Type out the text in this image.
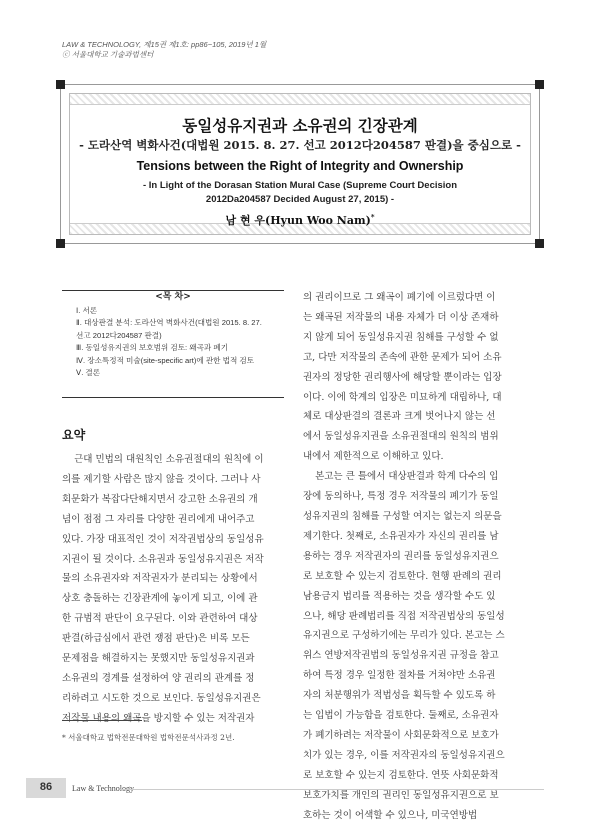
LAW & TECHNOLOGY, 제15권 제1호: pp86~105, 2019년 1월
ⓒ 서울대학교 기술과법센터
동일성유지권과 소유권의 긴장관계
- 도라산역 벽화사건(대법원 2015. 8. 27. 선고 2012다204587 판결)을 중심으로 -
Tensions between the Right of Integrity and Ownership
- In Light of the Dorasan Station Mural Case (Supreme Court Decision
2012Da204587 Decided August 27, 2015) -
남 현 우(Hyun Woo Nam)*
<목 차>
Ⅰ. 서론
Ⅱ. 대상판결 분석: 도라산역 벽화사건(대법원 2015. 8. 27.
선고 2012다204587 판결)
Ⅲ. 동일성유지권의 보호범위 검토: 왜곡과 폐기
Ⅳ. 장소특정적 미술(site-specific art)에 관한 법적 검토
Ⅴ. 결론
요약

근대 민법의 대원칙인 소유권절대의 원칙에 이

의를 제기할 사람은 많지 않을 것이다. 그러나 사

회문화가 복잡다단해지면서 강고한 소유권의 개

념이 점점 그 자리를 다양한 권리에게 내어주고

있다. 가장 대표적인 것이 저작권법상의 동일성유

지권이 될 것이다. 소유권과 동일성유지권은 저작

물의 소유권자와 저작권자가 분리되는 상황에서

상호 충돌하는 긴장관계에 놓이게 되고, 이에 관

한 규범적 판단이 요구된다. 이와 관련하여 대상

판결(하급심에서 관련 쟁점 판단)은 비록 모든

문제점을 해결하지는 못했지만 동일성유지권과

소유권의 경계를 설정하여 양 권리의 관계를 정

리하려고 시도한 것으로 보인다. 동일성유지권은

저작물 내용의 왜곡을 방지할 수 있는 저작권자

의 권리이므로 그 왜곡이 폐기에 이르렀다면 이

는 왜곡된 저작물의 내용 자체가 더 이상 존재하

지 않게 되어 동일성유지권 침해를 구성할 수 없

고, 다만 저작물의 존속에 관한 문제가 되어 소유

권자의 정당한 권리행사에 해당할 뿐이라는 입장

이다. 이에 학계의 입장은 미묘하게 대립하나, 대

체로 대상판결의 결론과 크게 벗어나지 않는 선

에서 동일성유지권을 소유권절대의 원칙의 범위

내에서 제한적으로 이해하고 있다.

본고는 큰 틀에서 대상판결과 학계 다수의 입

장에 동의하나, 특정 경우 저작물의 폐기가 동일

성유지권의 침해를 구성할 여지는 없는지 의문을

제기한다. 첫째로, 소유권자가 자신의 권리를 남

용하는 경우 저작권자의 권리를 동일성유지권으

로 보호할 수 있는지 검토한다. 현행 판례의 권리

남용금지 법리를 적용하는 것을 생각할 수도 있

으나, 해당 판례법리를 직접 저작권법상의 동일성

유지권으로 구성하기에는 무리가 있다. 본고는 스

위스 연방저작권법의 동일성유지권 규정을 참고

하여 특정 경우 일정한 절차를 거쳐야만 소유권

자의 처분행위가 적법성을 획득할 수 있도록 하

는 입법이 가능함을 검토한다. 둘째로, 소유권자

가 폐기하려는 저작물이 사회문화적으로 보호가

치가 있는 경우, 이를 저작권자의 동일성유지권으

로 보호할 수 있는지 검토한다. 연뜻 사회문화적

보호가치를 개인의 권리인 동일성유지권으로 보

호하는 것이 어색할 수 있으나, 미국연방법

* 서울대학교 법학전문대학원 법학전문석사과정 2년.
86	Law & Technology
